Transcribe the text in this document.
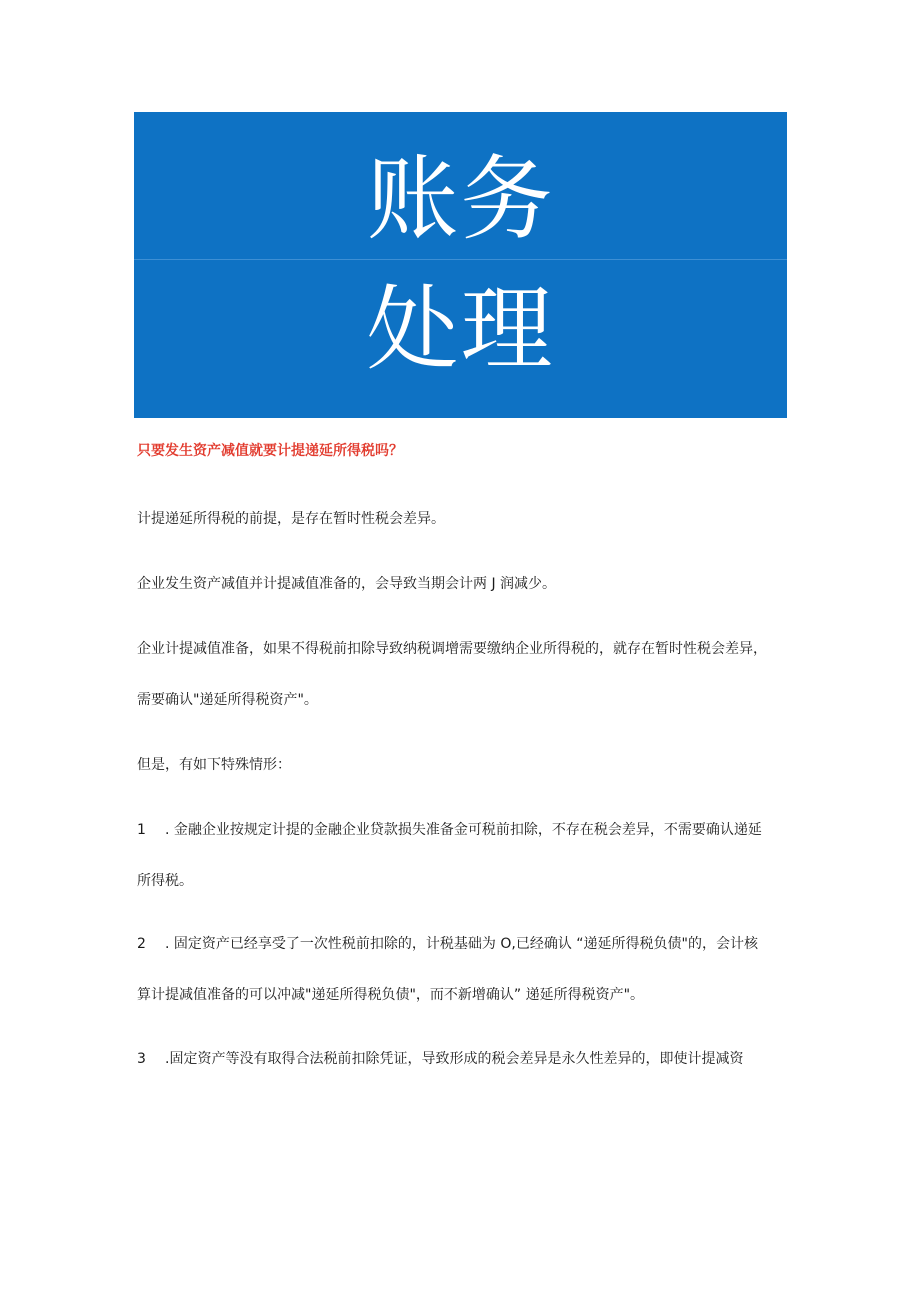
账务
处理
只要发生资产减值就要计提递延所得税吗？
计提递延所得税的前提，是存在暂时性税会差异。
企业发生资产减值并计提减值准备的，会导致当期会计两 J 润减少。
企业计提减值准备，如果不得税前扣除导致纳税调增需要缴纳企业所得税的，就存在暂时性税会差异，
需要确认"递延所得税资产"。
但是，有如下特殊情形：
1 . 金融企业按规定计提的金融企业贷款损失准备金可税前扣除，不存在税会差异，不需要确认递延
所得税。
2 . 固定资产已经享受了一次性税前扣除的，计税基础为 O,已经确认 “递延所得税负债"的，会计核
算计提减值准备的可以冲减"递延所得税负债"，而不新增确认” 递延所得税资产"。
3 .固定资产等没有取得合法税前扣除凭证，导致形成的税会差异是永久性差异的，即使计提减资
